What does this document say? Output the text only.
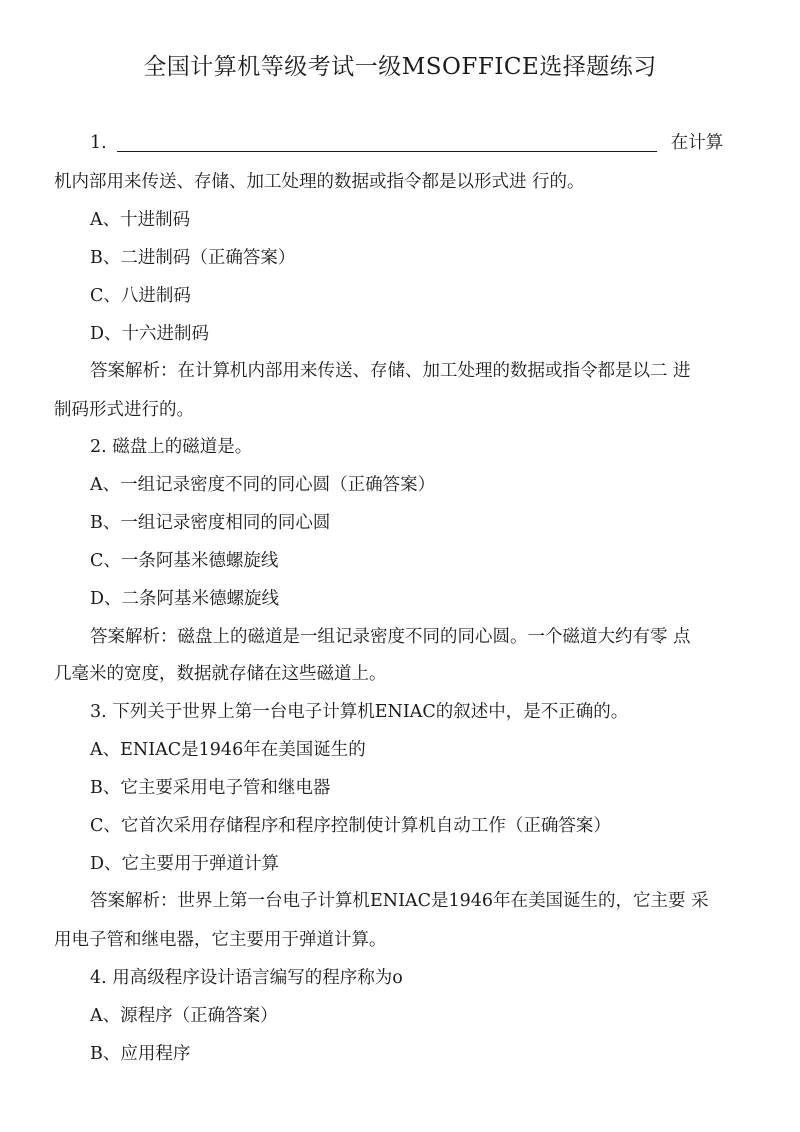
全国计算机等级考试一级MSOFFICE选择题练习
1.	在计算
机内部用来传送、存储、加工处理的数据或指令都是以形式进 行的。
A、十进制码
B、二进制码（正确答案）
C、八进制码
D、十六进制码
答案解析：在计算机内部用来传送、存储、加工处理的数据或指令都是以二 进
制码形式进行的。
2. 磁盘上的磁道是。
A、一组记录密度不同的同心圆（正确答案）
B、一组记录密度相同的同心圆
C、一条阿基米德螺旋线
D、二条阿基米德螺旋线
答案解析：磁盘上的磁道是一组记录密度不同的同心圆。一个磁道大约有零 点
几毫米的宽度，数据就存储在这些磁道上。
3. 下列关于世界上第一台电子计算机ENIAC的叙述中，是不正确的。
A、ENIAC是1946年在美国诞生的
B、它主要采用电子管和继电器
C、它首次采用存储程序和程序控制使计算机自动工作（正确答案）
D、它主要用于弹道计算
答案解析：世界上第一台电子计算机ENIAC是1946年在美国诞生的，它主要 采
用电子管和继电器，它主要用于弹道计算。
4. 用高级程序设计语言编写的程序称为o
A、源程序（正确答案）
B、应用程序
